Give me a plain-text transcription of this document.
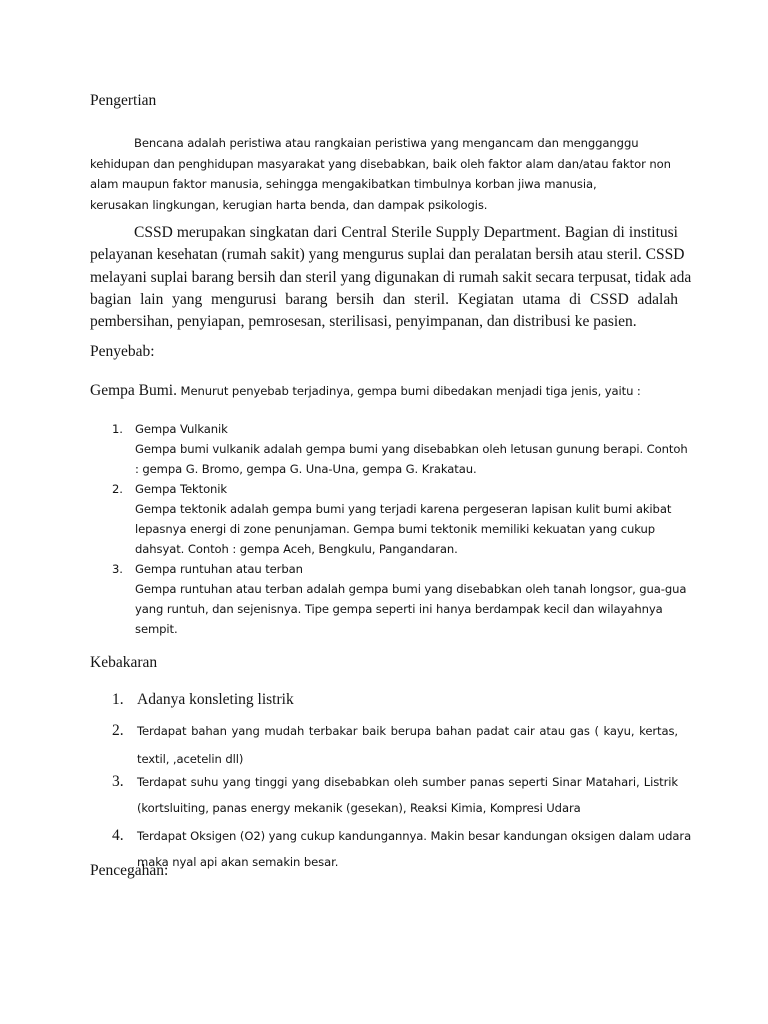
Pengertian
Bencana adalah peristiwa atau rangkaian peristiwa yang mengancam dan mengganggu
kehidupan dan penghidupan masyarakat yang disebabkan, baik oleh faktor alam dan/atau faktor non
alam maupun faktor manusia, sehingga mengakibatkan timbulnya korban jiwa manusia,
kerusakan lingkungan, kerugian harta benda, dan dampak psikologis.
CSSD merupakan singkatan dari Central Sterile Supply Department. Bagian di institusi
pelayanan kesehatan (rumah sakit) yang mengurus suplai dan peralatan bersih atau steril. CSSD
melayani suplai barang bersih dan steril yang digunakan di rumah sakit secara terpusat, tidak ada
bagian lain yang mengurusi barang bersih dan steril. Kegiatan utama di CSSD adalah
pembersihan, penyiapan, pemrosesan, sterilisasi, penyimpanan, dan distribusi ke pasien.
Penyebab:
Gempa Bumi. Menurut penyebab terjadinya, gempa bumi dibedakan menjadi tiga jenis, yaitu :
1. Gempa Vulkanik
Gempa bumi vulkanik adalah gempa bumi yang disebabkan oleh letusan gunung berapi. Contoh
: gempa G. Bromo, gempa G. Una-Una, gempa G. Krakatau.
2. Gempa Tektonik
Gempa tektonik adalah gempa bumi yang terjadi karena pergeseran lapisan kulit bumi akibat
lepasnya energi di zone penunjaman. Gempa bumi tektonik memiliki kekuatan yang cukup
dahsyat. Contoh : gempa Aceh, Bengkulu, Pangandaran.
3. Gempa runtuhan atau terban
Gempa runtuhan atau terban adalah gempa bumi yang disebabkan oleh tanah longsor, gua-gua
yang runtuh, dan sejenisnya. Tipe gempa seperti ini hanya berdampak kecil dan wilayahnya
sempit.
Kebakaran
1. Adanya konsleting listrik
2.	Terdapat bahan yang mudah terbakar baik berupa bahan padat cair atau gas ( kayu, kertas,
textil, ,acetelin dll)
3.	Terdapat suhu yang tinggi yang disebabkan oleh sumber panas seperti Sinar Matahari, Listrik
(kortsluiting, panas energy mekanik (gesekan), Reaksi Kimia, Kompresi Udara
4.	Terdapat Oksigen (O2) yang cukup kandungannya. Makin besar kandungan oksigen dalam udara
maka nyal api akan semakin besar.
Pencegahan:
